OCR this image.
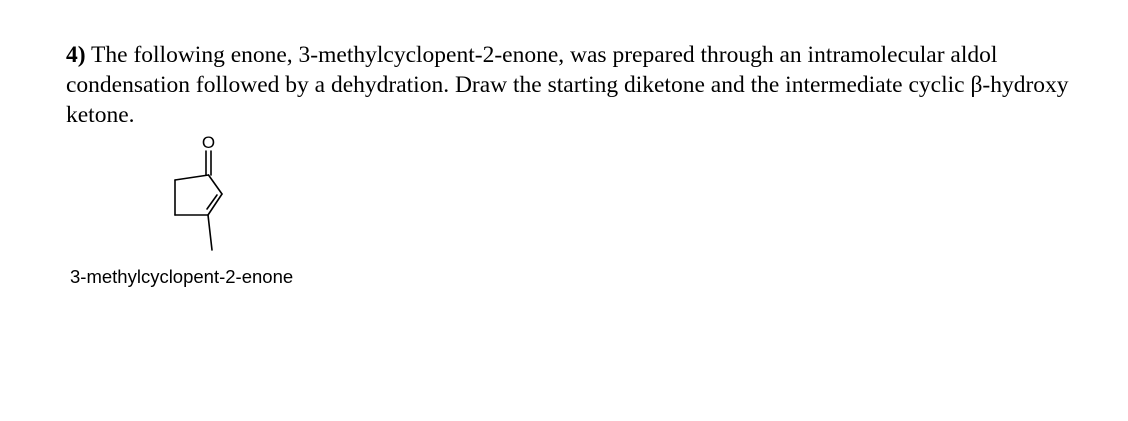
4) The following enone, 3-methylcyclopent-2-enone, was prepared through an intramolecular aldol condensation followed by a dehydration. Draw the starting diketone and the intermediate cyclic β-hydroxy ketone.

O
3-methylcyclopent-2-enone
